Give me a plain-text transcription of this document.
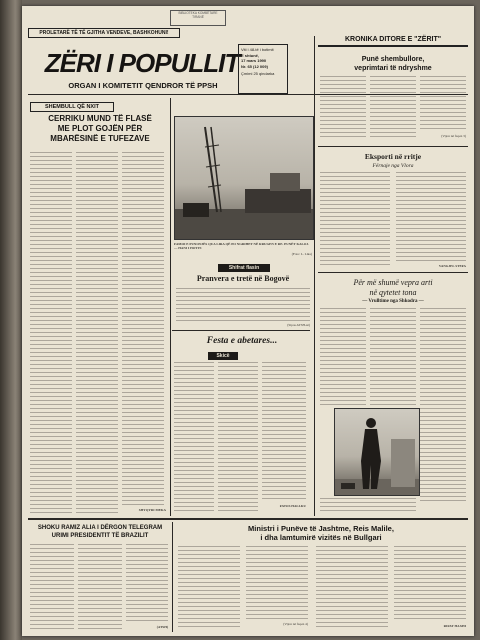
PROLETARË TË TË GJITHA VENDEVE, BASHKOHUNI!
BIBLIOTEKA KOMBËTARE
TIRANË
ZËRI I POPULLIT
ORGAN I KOMITETIT QENDROR TË PPSH
Viti i 48-të i botimit
E shtunë,
17 mars 1990
Nr. 65 (12 009)
Çmimi 25 qindarka
SHEMBULL QË NXIT
CERRIKU MUND TË FLASË
ME PLOT GOJËN PËR
MBARËSINË E TUFEZAVE
SHYQYRI MEKA
FAMOI E PUNONJËS QUA LIRA QË PO NGRIHET NË RRUGEN E RE. PUNËT KALOJ. — HANI I HOTIT.
(Foto: L. Lika)
Shifrat flasin
Pranvera e tretë në Bogovë
(Sipas ATSH-së)
Festa e abetares...
Skicë
FATOS HALLKU
KRONIKA DITORE E "ZËRIT"
Punë shembullore,
veprimtari të ndryshme
(Vijon në faqen 3)
Eksporti në rritje
Fërnaje nga Vlora
VANGJEL STEFA
Për më shumë vepra arti
në qytetet tona
— Vrulltime nga Shkodra —
SHOKU RAMIZ ALIA I DËRGON TELEGRAM
URIMI PRESIDENTIT TË BRAZILIT
(ATSH)
Ministri i Punëve të Jashtme, Reis Malile,
i dha lamtumirë vizitës në Bullgari
(Vijon në faqen 4)	RIFAT HAXHI
